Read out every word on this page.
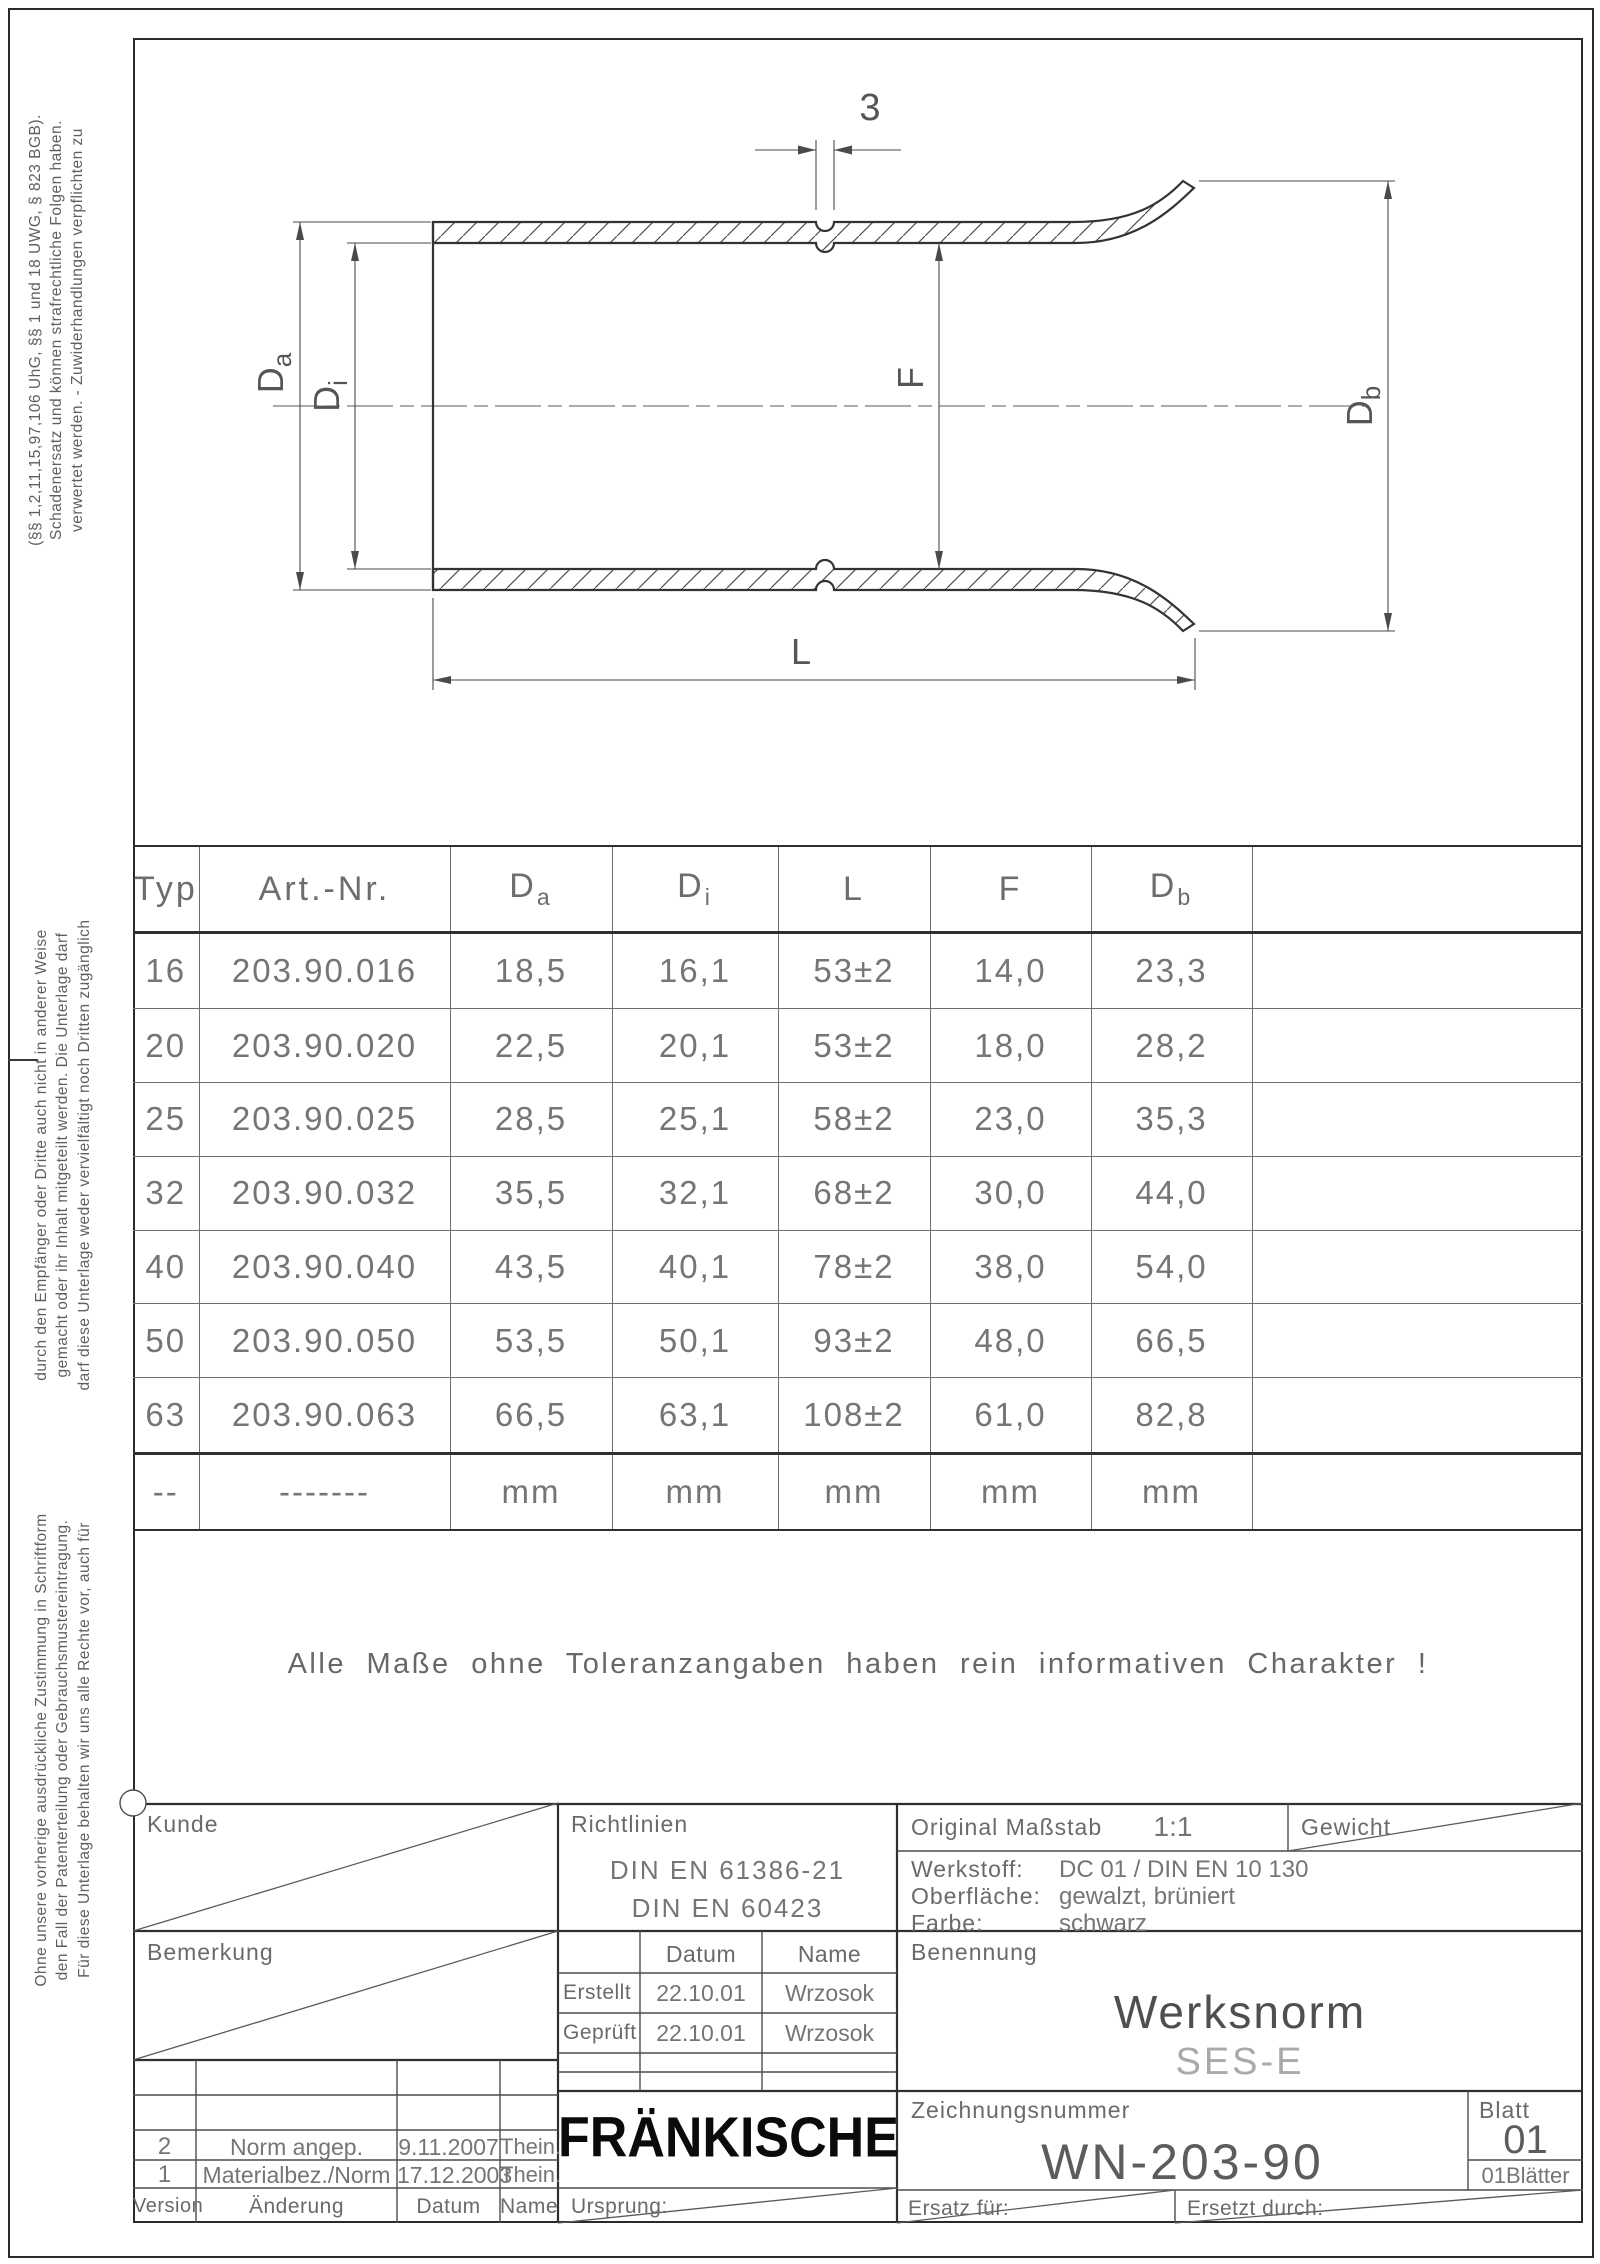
verwertet werden. - Zuwiderhandlungen verpflichten zu
Schadenersatz und können strafrechtliche Folgen haben.
(§§ 1,2,11,15,97,106 UhG, §§ 1 und 18 UWG, § 823 BGB).
darf diese Unterlage weder vervielfältigt noch Dritten zugänglich
gemacht oder ihr Inhalt mitgeteilt werden. Die Unterlage darf
durch den Empfänger oder Dritte auch nicht in anderer Weise
Für diese Unterlage behalten wir uns alle Rechte vor, auch für
den Fall der Patenterteilung oder Gebrauchsmustereintragung.
Ohne unsere vorherige ausdrückliche Zustimmung in Schriftform
$D_a$
$D_i$	F
$D_b$
L
3
Typ	Art.-Nr.	$D_a$	$D_i$	L	F	$D_b$	
16	203.90.016	18,5	16,1	53±2	14,0	23,3	
20	203.90.020	22,5	20,1	53±2	18,0	28,2	
25	203.90.025	28,5	25,1	58±2	23,0	35,3	
32	203.90.032	35,5	32,1	68±2	30,0	44,0	
40	203.90.040	43,5	40,1	78±2	38,0	54,0	
50	203.90.050	53,5	50,1	93±2	48,0	66,5	
63	203.90.063	66,5	63,1	108±2	61,0	82,8	
--	-------	mm	mm	mm	mm	mm	
Alle Maße ohne Toleranzangaben haben rein informativen Charakter !
Kunde	Richtlinien
DIN EN 61386-21
DIN EN 60423
Original Maßstab	1:1	Gewicht
Werkstoff: DC 01 / DIN EN 10 130
Oberfläche: gewalzt, brüniert
Farbe:	schwarz
Bemerkung	Datum	Name
Erstellt	22.10.01	Wrzosok
Geprüft 22.10.01	Wrzosok
Benennung
Werksnorm
SES-E
2	Norm angep.	9.11.2007 Thein.
1	Materialbez./Norm 17.12.2003
Thein.
Version	Änderung	Datum Name
FRÄNKISCHE
Ursprung:
Zeichnungsnummer
WN-203-90
Blatt
01
01Blätter
Ersatz für:	Ersetzt durch:
